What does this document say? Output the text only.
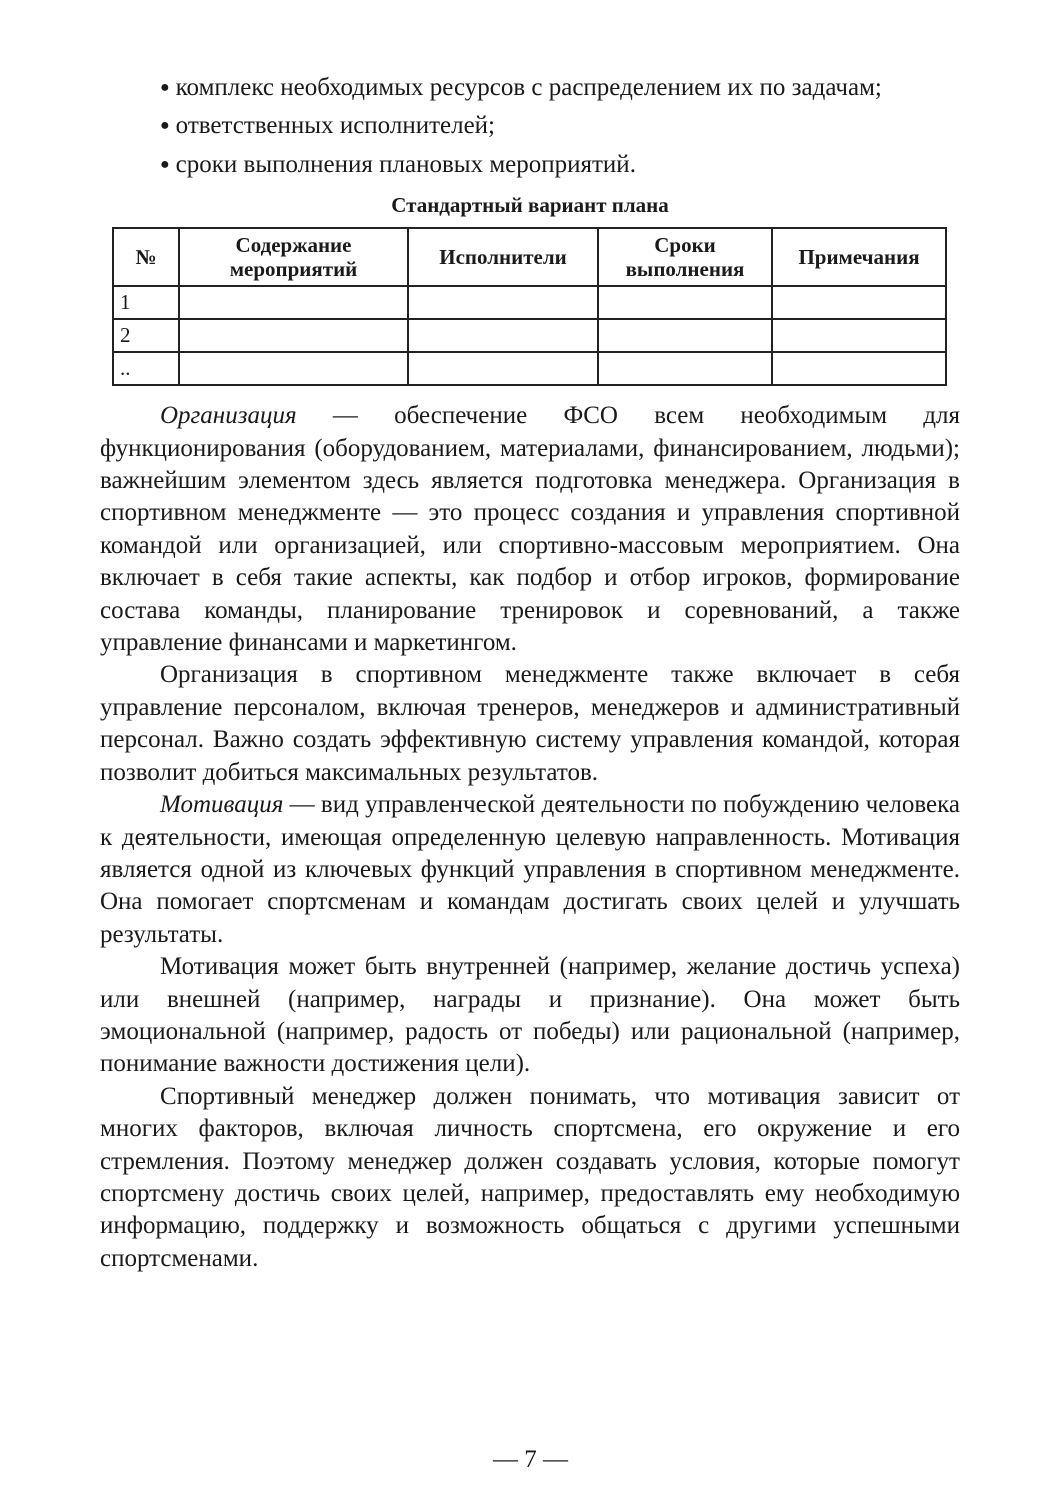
● комплекс необходимых ресурсов с распределением их по задачам;

● ответственных исполнителей;

● сроки выполнения плановых мероприятий.

Стандартный вариант плана
№	Содержание мероприятий	Исполнители	Сроки выполнения	Примечания
1				
2				
..				

Организация — обеспечение ФСО всем необходимым для функционирования (оборудованием, материалами, финансированием, людьми); важнейшим элементом здесь является подготовка менеджера. Организация в спортивном менеджменте — это процесс создания и управления спортивной командой или организацией, или спортивно-массовым мероприятием. Она включает в себя такие аспекты, как подбор и отбор игроков, формирование состава команды, планирование тренировок и соревнований, а также управление финансами и маркетингом.

Организация в спортивном менеджменте также включает в себя управление персоналом, включая тренеров, менеджеров и административный персонал. Важно создать эффективную систему управления командой, которая позволит добиться максимальных результатов.

Мотивация — вид управленческой деятельности по побуждению человека к деятельности, имеющая определенную целевую направленность. Мотивация является одной из ключевых функций управления в спортивном менеджменте. Она помогает спортсменам и командам достигать своих целей и улучшать результаты.

Мотивация может быть внутренней (например, желание достичь успеха) или внешней (например, награды и признание). Она может быть эмоциональной (например, радость от победы) или рациональной (например, понимание важности достижения цели).

Спортивный менеджер должен понимать, что мотивация зависит от многих факторов, включая личность спортсмена, его окружение и его стремления. Поэтому менеджер должен создавать условия, которые помогут спортсмену достичь своих целей, например, предоставлять ему необходимую информацию, поддержку и возможность общаться с другими успешными спортсменами.

— 7 —
